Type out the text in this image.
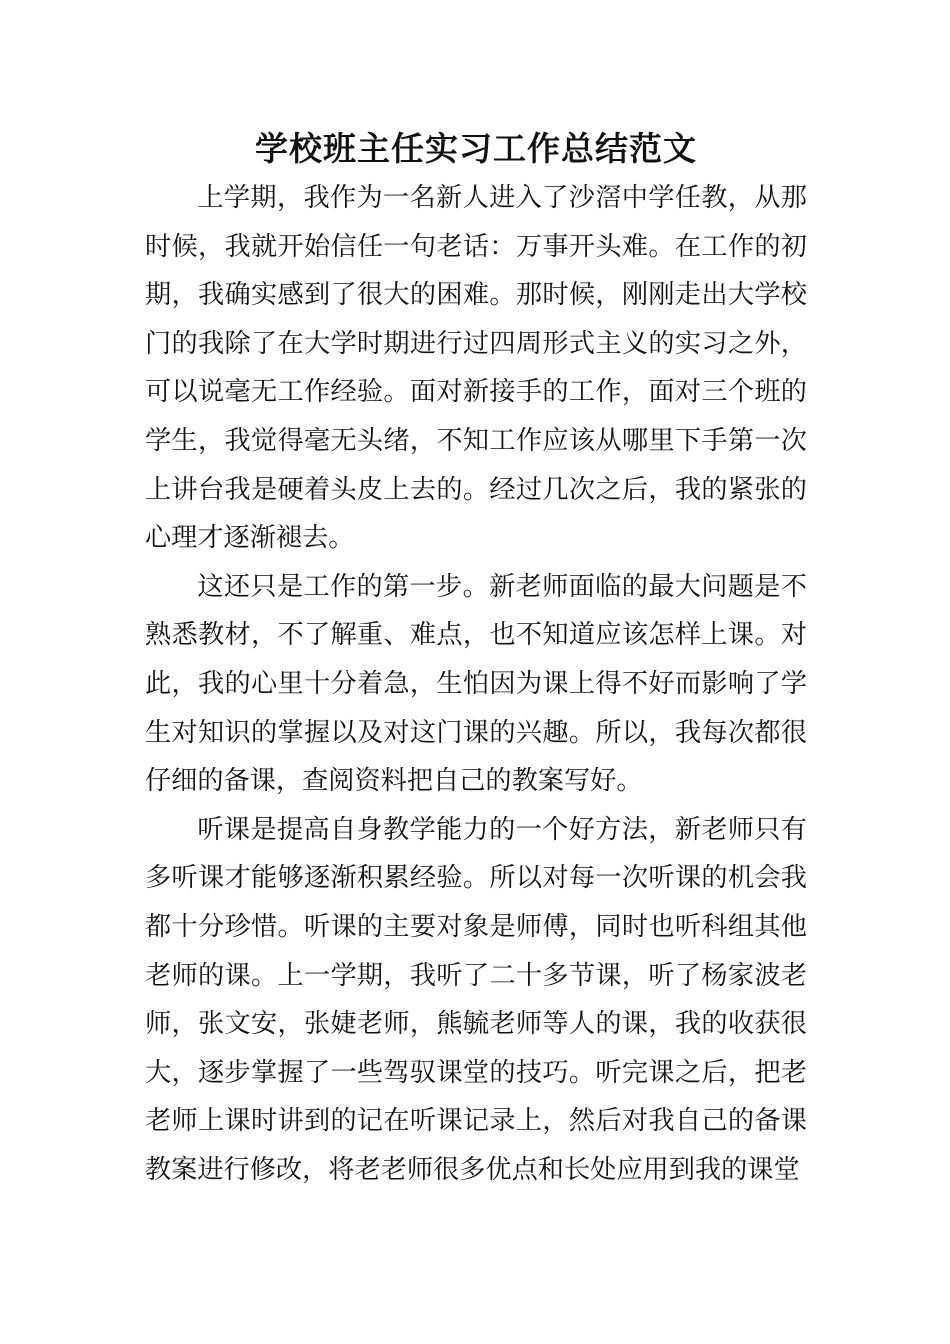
学校班主任实习工作总结范文

上学期，我作为一名新人进入了沙滘中学任教，从那时候，我就开始信任一句老话：万事开头难。在工作的初期，我确实感到了很大的困难。那时候，刚刚走出大学校门的我除了在大学时期进行过四周形式主义的实习之外，可以说毫无工作经验。面对新接手的工作，面对三个班的学生，我觉得毫无头绪，不知工作应该从哪里下手第一次上讲台我是硬着头皮上去的。经过几次之后，我的紧张的心理才逐渐褪去。

这还只是工作的第一步。新老师面临的最大问题是不熟悉教材，不了解重、难点，也不知道应该怎样上课。对此，我的心里十分着急，生怕因为课上得不好而影响了学生对知识的掌握以及对这门课的兴趣。所以，我每次都很仔细的备课，查阅资料把自己的教案写好。

听课是提高自身教学能力的一个好方法，新老师只有多听课才能够逐渐积累经验。所以对每一次听课的机会我都十分珍惜。听课的主要对象是师傅，同时也听科组其他老师的课。上一学期，我听了二十多节课，听了杨家波老师，张文安，张婕老师，熊毓老师等人的课，我的收获很大，逐步掌握了一些驾驭课堂的技巧。听完课之后，把老老师上课时讲到的记在听课记录上，然后对我自己的备课教案进行修改，将老老师很多优点和长处应用到我的课堂
